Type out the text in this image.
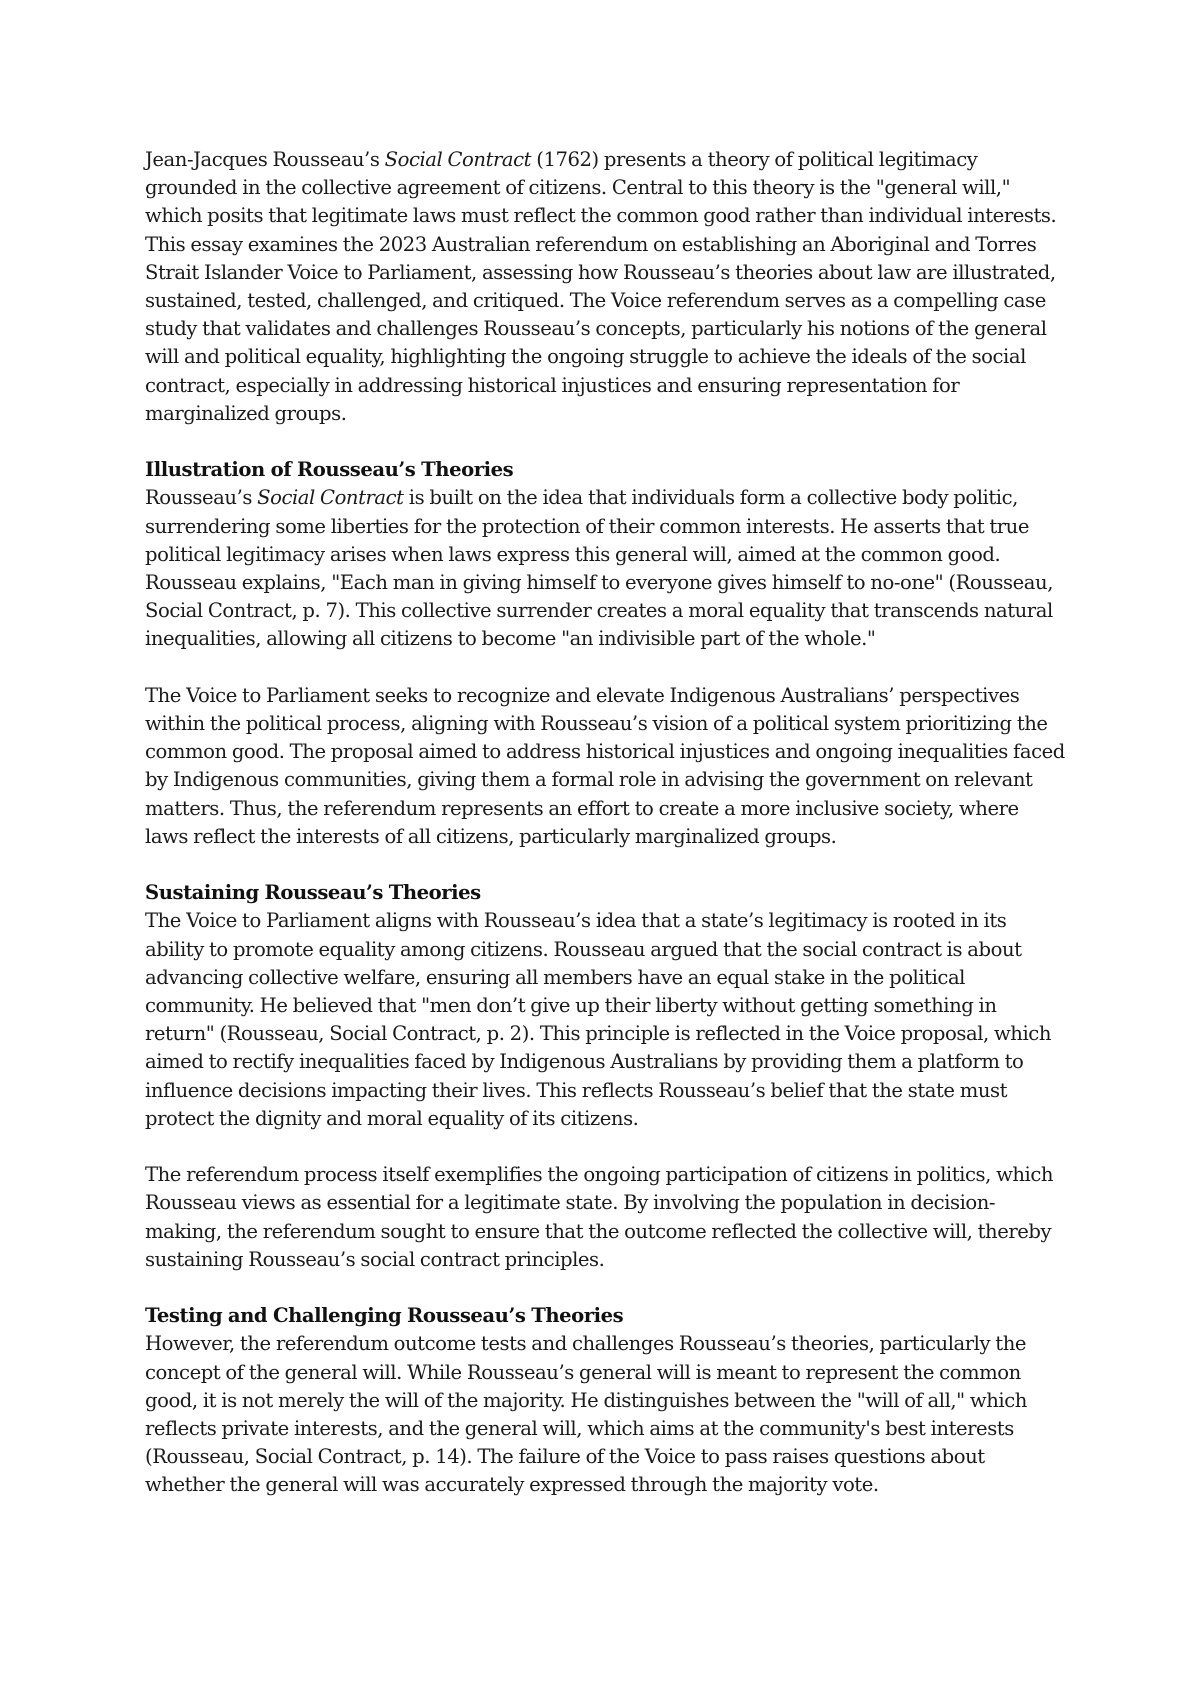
Jean-Jacques Rousseau’s Social Contract (1762) presents a theory of political legitimacy grounded in the collective agreement of citizens. Central to this theory is the "general will," which posits that legitimate laws must reflect the common good rather than individual interests. This essay examines the 2023 Australian referendum on establishing an Aboriginal and Torres Strait Islander Voice to Parliament, assessing how Rousseau’s theories about law are illustrated, sustained, tested, challenged, and critiqued. The Voice referendum serves as a compelling case study that validates and challenges Rousseau’s concepts, particularly his notions of the general will and political equality, highlighting the ongoing struggle to achieve the ideals of the social contract, especially in addressing historical injustices and ensuring representation for marginalized groups.

Illustration of Rousseau’s Theories

Rousseau’s Social Contract is built on the idea that individuals form a collective body politic, surrendering some liberties for the protection of their common interests. He asserts that true political legitimacy arises when laws express this general will, aimed at the common good. Rousseau explains, "Each man in giving himself to everyone gives himself to no-one" (Rousseau, Social Contract, p. 7). This collective surrender creates a moral equality that transcends natural inequalities, allowing all citizens to become "an indivisible part of the whole."

The Voice to Parliament seeks to recognize and elevate Indigenous Australians’ perspectives within the political process, aligning with Rousseau’s vision of a political system prioritizing the common good. The proposal aimed to address historical injustices and ongoing inequalities faced by Indigenous communities, giving them a formal role in advising the government on relevant matters. Thus, the referendum represents an effort to create a more inclusive society, where laws reflect the interests of all citizens, particularly marginalized groups.

Sustaining Rousseau’s Theories

The Voice to Parliament aligns with Rousseau’s idea that a state’s legitimacy is rooted in its ability to promote equality among citizens. Rousseau argued that the social contract is about advancing collective welfare, ensuring all members have an equal stake in the political community. He believed that "men don’t give up their liberty without getting something in return" (Rousseau, Social Contract, p. 2). This principle is reflected in the Voice proposal, which aimed to rectify inequalities faced by Indigenous Australians by providing them a platform to influence decisions impacting their lives. This reflects Rousseau’s belief that the state must protect the dignity and moral equality of its citizens.

The referendum process itself exemplifies the ongoing participation of citizens in politics, which Rousseau views as essential for a legitimate state. By involving the population in decision-making, the referendum sought to ensure that the outcome reflected the collective will, thereby sustaining Rousseau’s social contract principles.

Testing and Challenging Rousseau’s Theories

However, the referendum outcome tests and challenges Rousseau’s theories, particularly the concept of the general will. While Rousseau’s general will is meant to represent the common good, it is not merely the will of the majority. He distinguishes between the "will of all," which reflects private interests, and the general will, which aims at the community's best interests (Rousseau, Social Contract, p. 14). The failure of the Voice to pass raises questions about whether the general will was accurately expressed through the majority vote.
